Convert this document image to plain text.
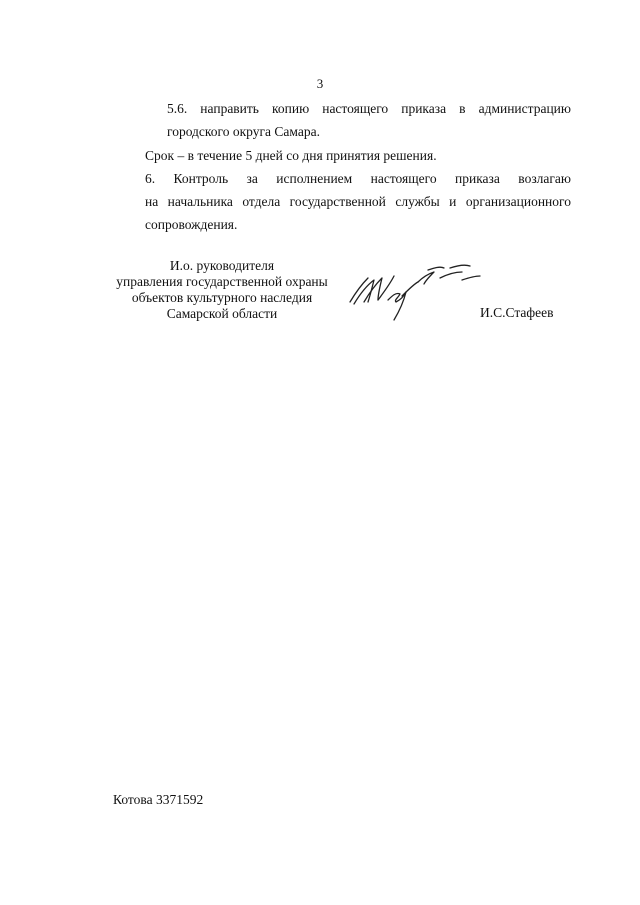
3
5.6. направить копию настоящего приказа в администрацию
городского округа Самара.
Срок – в течение 5 дней со дня принятия решения.
6. Контроль за исполнением настоящего приказа возлагаю
на начальника отдела государственной службы и организационного
сопровождения.
И.о. руководителя
управления государственной охраны
объектов культурного наследия
Самарской области	И.С.Стафеев
Котова 3371592
